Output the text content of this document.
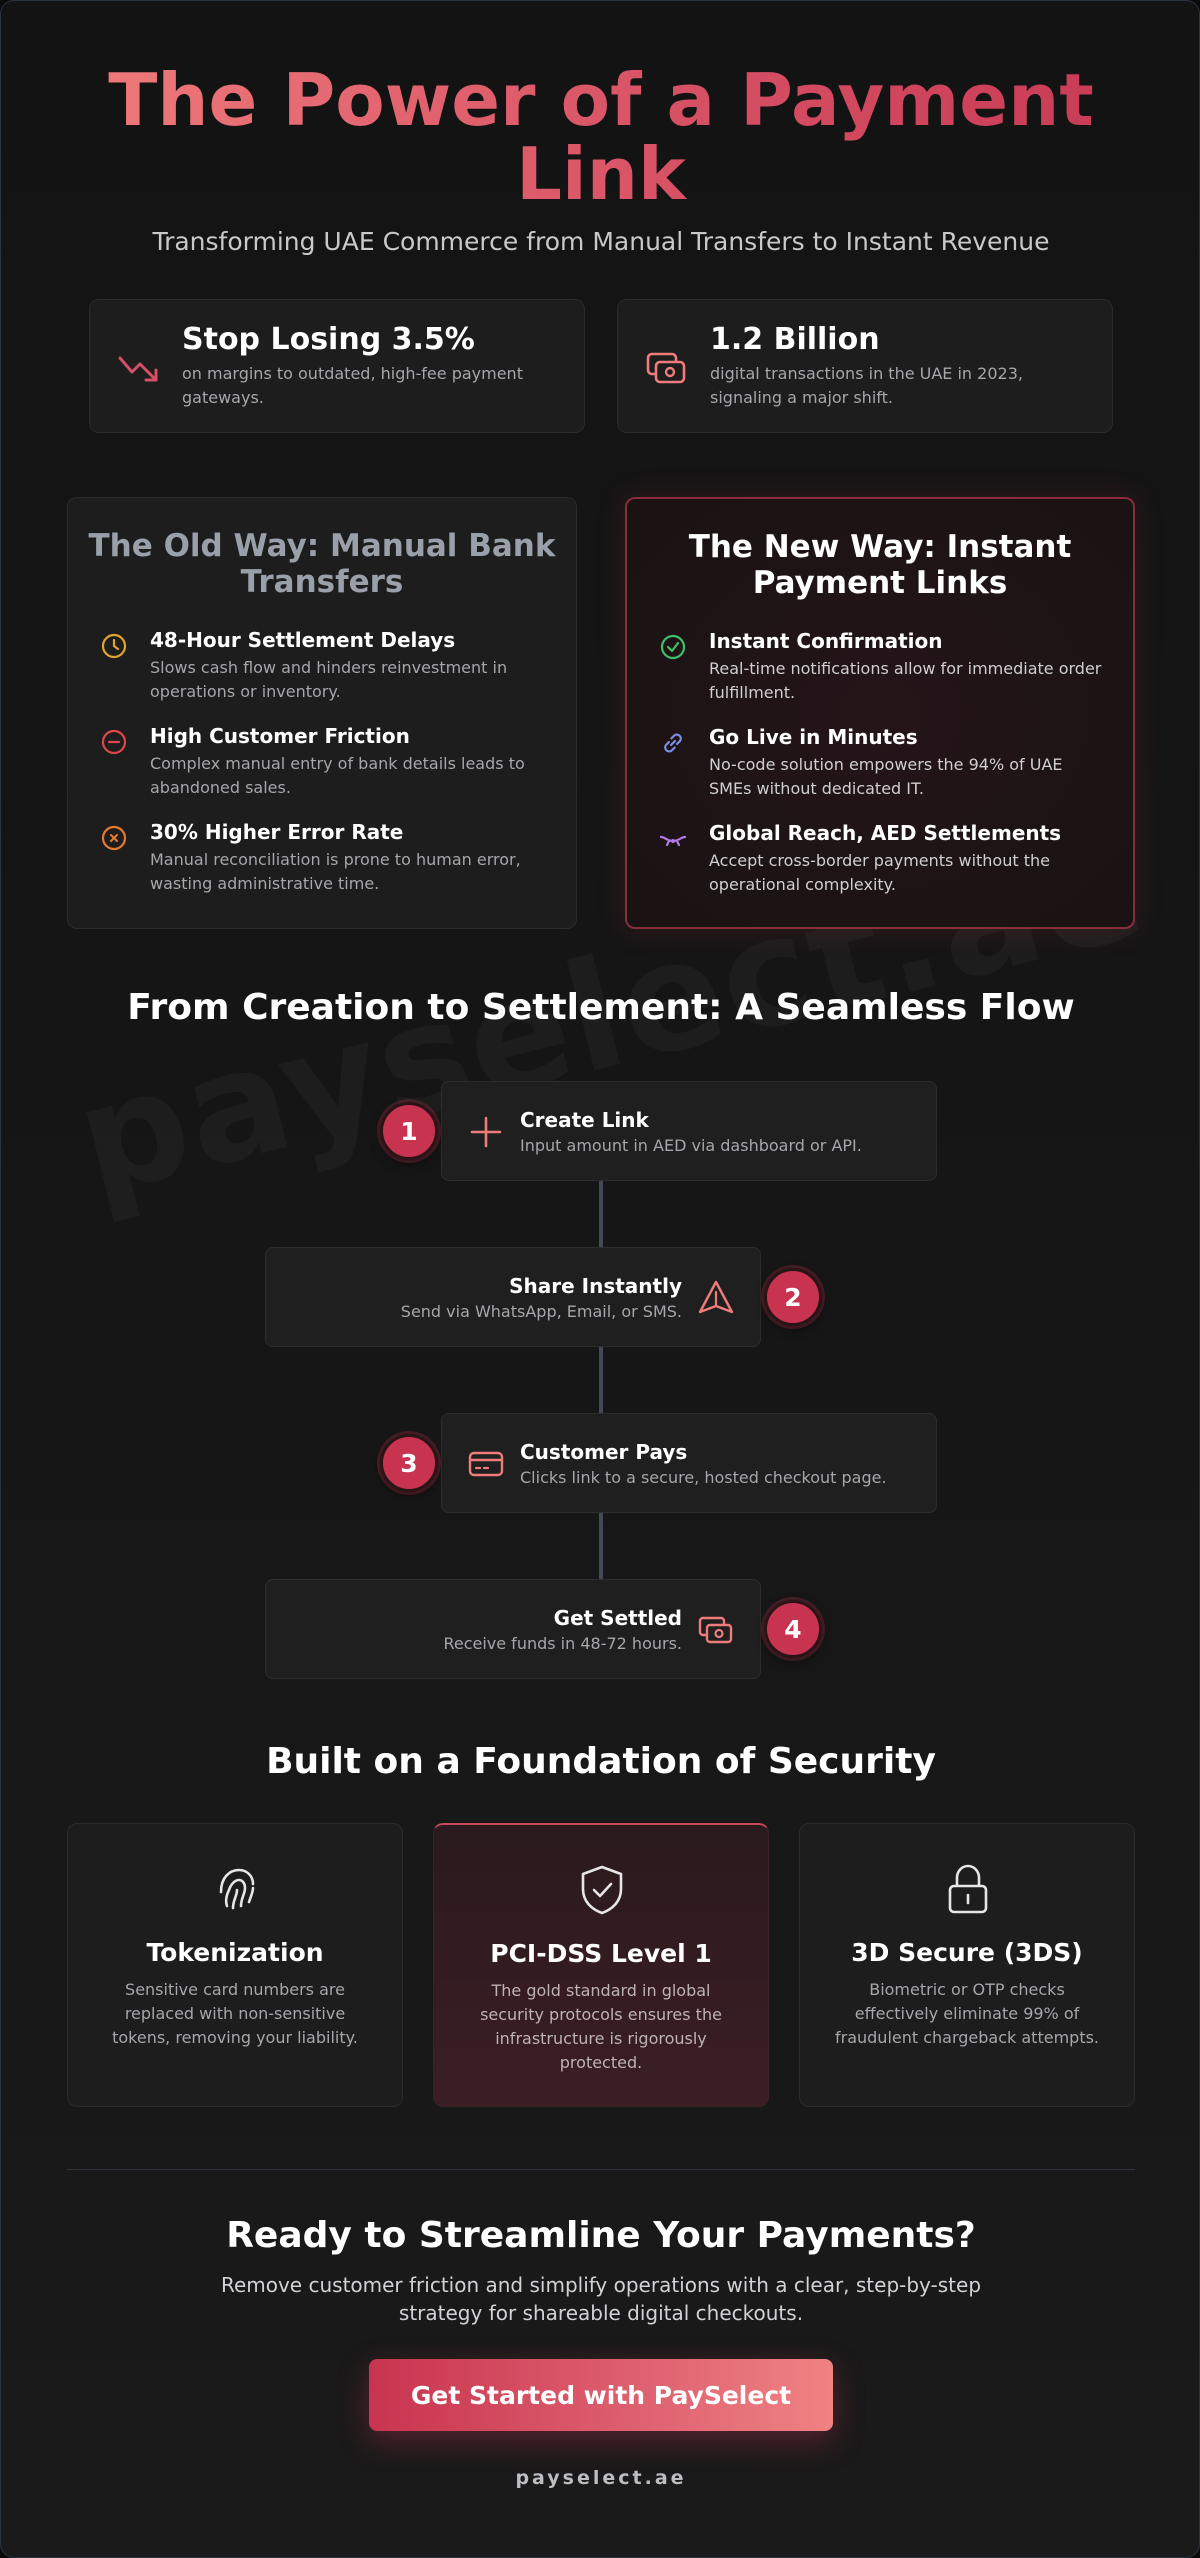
The Power of a Payment Link
Transforming UAE Commerce from Manual Transfers to Instant Revenue
Stop Losing 3.5%
on margins to outdated, high-fee payment gateways.
1.2 Billion
digital transactions in the UAE in 2023, signaling a major shift.
The Old Way: Manual Bank Transfers
48-Hour Settlement Delays
Slows cash flow and hinders reinvestment in operations or inventory.
High Customer Friction
Complex manual entry of bank details leads to abandoned sales.
30% Higher Error Rate
Manual reconciliation is prone to human error, wasting administrative time.
The New Way: Instant Payment Links
Instant Confirmation
Real-time notifications allow for immediate order fulfillment.
Go Live in Minutes
No-code solution empowers the 94% of UAE SMEs without dedicated IT.
Global Reach, AED Settlements
Accept cross-border payments without the operational complexity.
From Creation to Settlement: A Seamless Flow
Create Link
Input amount in AED via dashboard or API.
1
Share Instantly
Send via WhatsApp, Email, or SMS.	2
Customer Pays
Clicks link to a secure, hosted checkout page.
3
Get Settled
Receive funds in 48-72 hours.	4
Built on a Foundation of Security
Tokenization
Sensitive card numbers are replaced with non-sensitive tokens, removing your liability.
PCI-DSS Level 1
The gold standard in global security protocols ensures the infrastructure is rigorously protected.
3D Secure (3DS)
Biometric or OTP checks effectively eliminate 99% of fraudulent chargeback attempts.
Ready to Streamline Your Payments?
Remove customer friction and simplify operations with a clear, step-by-step strategy for shareable digital checkouts.
Get Started with PaySelect
payselect.ae
